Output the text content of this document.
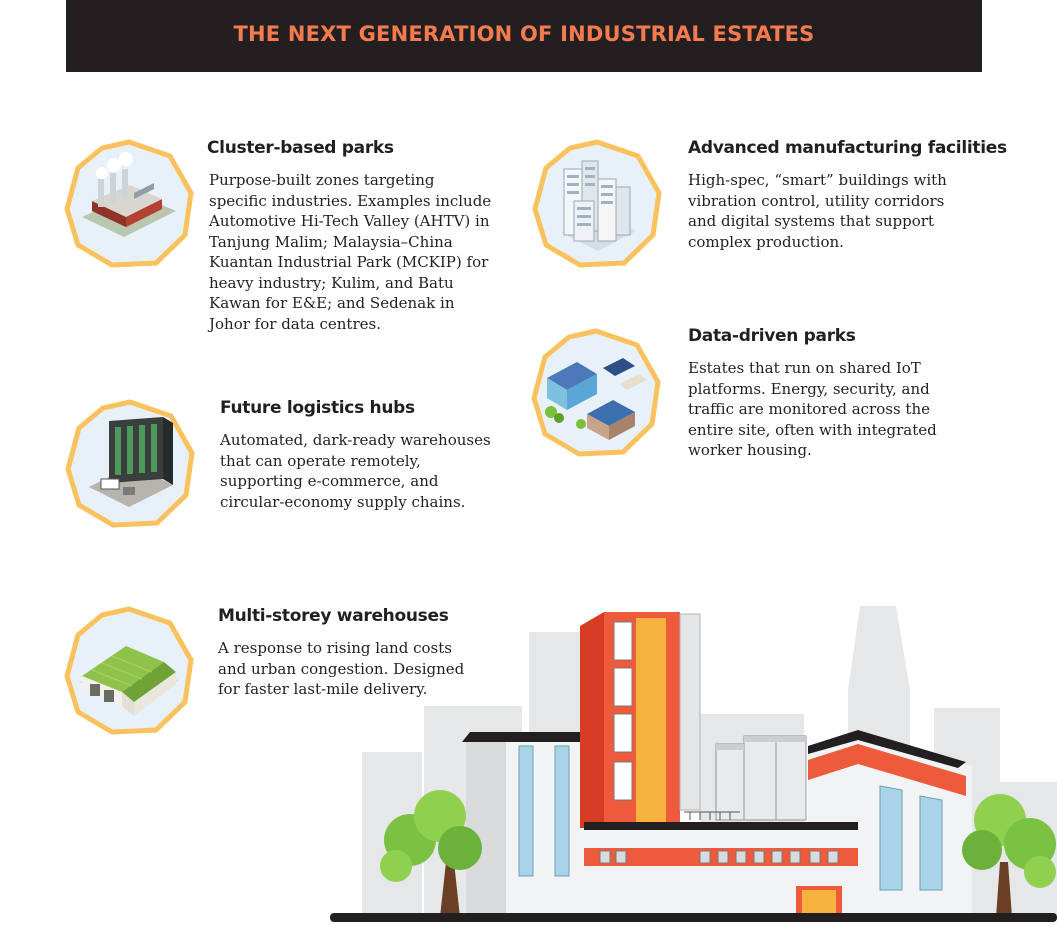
THE NEXT GENERATION OF INDUSTRIAL ESTATES
Cluster-based parks

Purpose-built zones targeting specific industries. Examples include Automotive Hi-Tech Valley (AHTV) in Tanjung Malim; Malaysia–China Kuantan Industrial Park (MCKIP) for heavy industry; Kulim, and Batu Kawan for E&E; and Sedenak in Johor for data centres.

Advanced manufacturing facilities

High-spec, “smart” buildings with vibration control, utility corridors and digital systems that support complex production.

Data-driven parks

Estates that run on shared IoT platforms. Energy, security, and traffic are monitored across the entire site, often with integrated worker housing.

Future logistics hubs

Automated, dark-ready warehouses that can operate remotely, supporting e-commerce, and circular-economy supply chains.

Multi-storey warehouses

A response to rising land costs and urban congestion. Designed for faster last-mile delivery.
